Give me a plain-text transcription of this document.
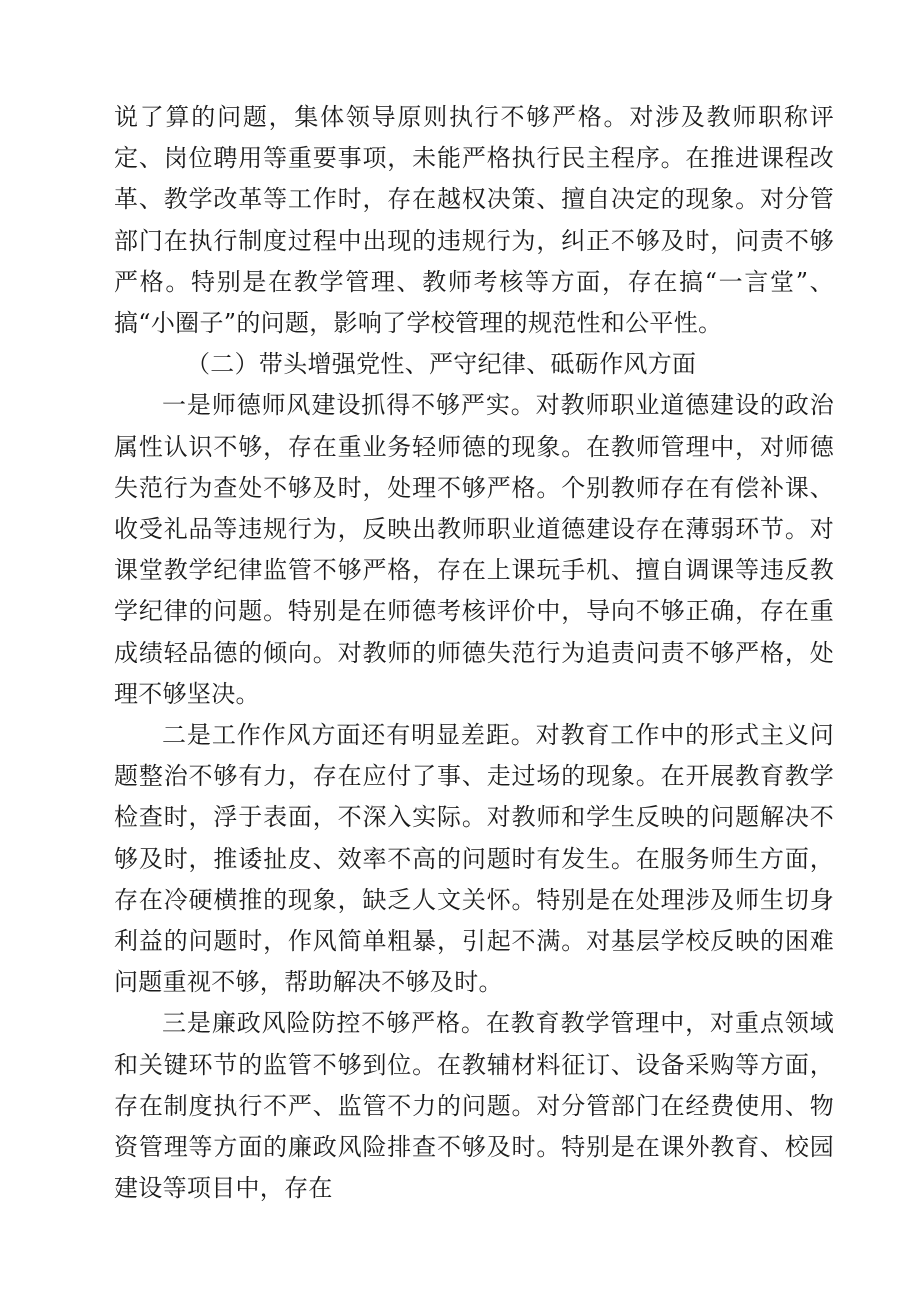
说了算的问题，集体领导原则执行不够严格。对涉及教师职称评定、岗位聘用等重要事项，未能严格执行民主程序。在推进课程改革、教学改革等工作时，存在越权决策、擅自决定的现象。对分管部门在执行制度过程中出现的违规行为，纠正不够及时，问责不够严格。特别是在教学管理、教师考核等方面，存在搞“一言堂”、搞“小圈子”的问题，影响了学校管理的规范性和公平性。

（二）带头增强党性、严守纪律、砥砺作风方面

一是师德师风建设抓得不够严实。对教师职业道德建设的政治属性认识不够，存在重业务轻师德的现象。在教师管理中，对师德失范行为查处不够及时，处理不够严格。个别教师存在有偿补课、收受礼品等违规行为，反映出教师职业道德建设存在薄弱环节。对课堂教学纪律监管不够严格，存在上课玩手机、擅自调课等违反教学纪律的问题。特别是在师德考核评价中，导向不够正确，存在重成绩轻品德的倾向。对教师的师德失范行为追责问责不够严格，处理不够坚决。

二是工作作风方面还有明显差距。对教育工作中的形式主义问题整治不够有力，存在应付了事、走过场的现象。在开展教育教学检查时，浮于表面，不深入实际。对教师和学生反映的问题解决不够及时，推诿扯皮、效率不高的问题时有发生。在服务师生方面，存在冷硬横推的现象，缺乏人文关怀。特别是在处理涉及师生切身利益的问题时，作风简单粗暴，引起不满。对基层学校反映的困难问题重视不够，帮助解决不够及时。

三是廉政风险防控不够严格。在教育教学管理中，对重点领域和关键环节的监管不够到位。在教辅材料征订、设备采购等方面，存在制度执行不严、监管不力的问题。对分管部门在经费使用、物资管理等方面的廉政风险排查不够及时。特别是在课外教育、校园建设等项目中，存在
